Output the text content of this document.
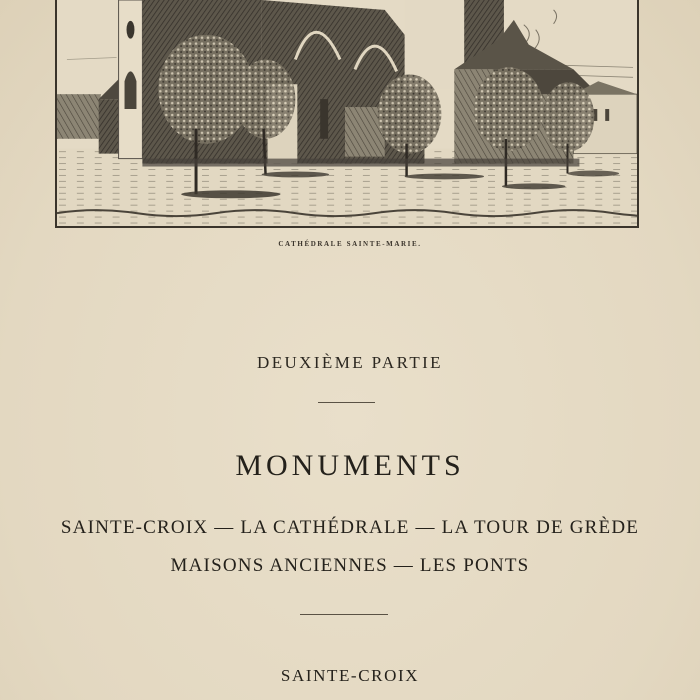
CATHÉDRALE SAINTE-MARIE.
DEUXIÈME PARTIE
MONUMENTS
SAINTE-CROIX — LA CATHÉDRALE — LA TOUR DE GRÈDE
MAISONS ANCIENNES — LES PONTS
SAINTE-CROIX
